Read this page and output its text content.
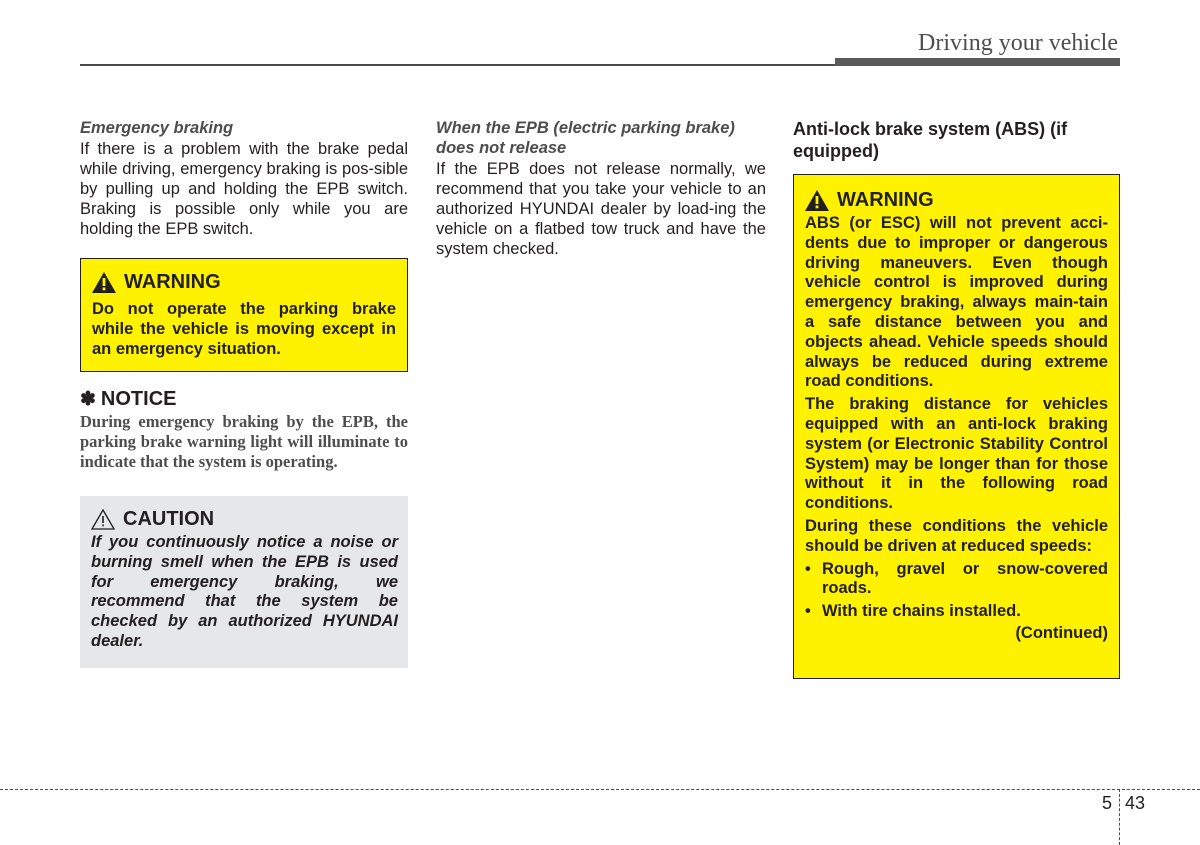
Driving your vehicle
Emergency braking
If there is a problem with the brake pedal while driving, emergency braking is pos-sible by pulling up and holding the EPB switch. Braking is possible only while you are holding the EPB switch.
WARNING
Do not operate the parking brake while the vehicle is moving except in an emergency situation.
✽ NOTICE
During emergency braking by the EPB, the parking brake warning light will illuminate to indicate that the system is operating.
CAUTION
If you continuously notice a noise or burning smell when the EPB is used for emergency braking, we recommend that the system be checked by an authorized HYUNDAI dealer.
When the EPB (electric parking brake) does not release
If the EPB does not release normally, we recommend that you take your vehicle to an authorized HYUNDAI dealer by load-ing the vehicle on a flatbed tow truck and have the system checked.
Anti-lock brake system (ABS) (if equipped)
WARNING
ABS (or ESC) will not prevent acci-dents due to improper or dangerous driving maneuvers. Even though vehicle control is improved during emergency braking, always main-tain a safe distance between you and objects ahead. Vehicle speeds should always be reduced during extreme road conditions.
The braking distance for vehicles equipped with an anti-lock braking system (or Electronic Stability Control System) may be longer than for those without it in the following road conditions.
During these conditions the vehicle should be driven at reduced speeds:
• Rough, gravel or snow-covered roads.
• With tire chains installed.
(Continued)
5 43
